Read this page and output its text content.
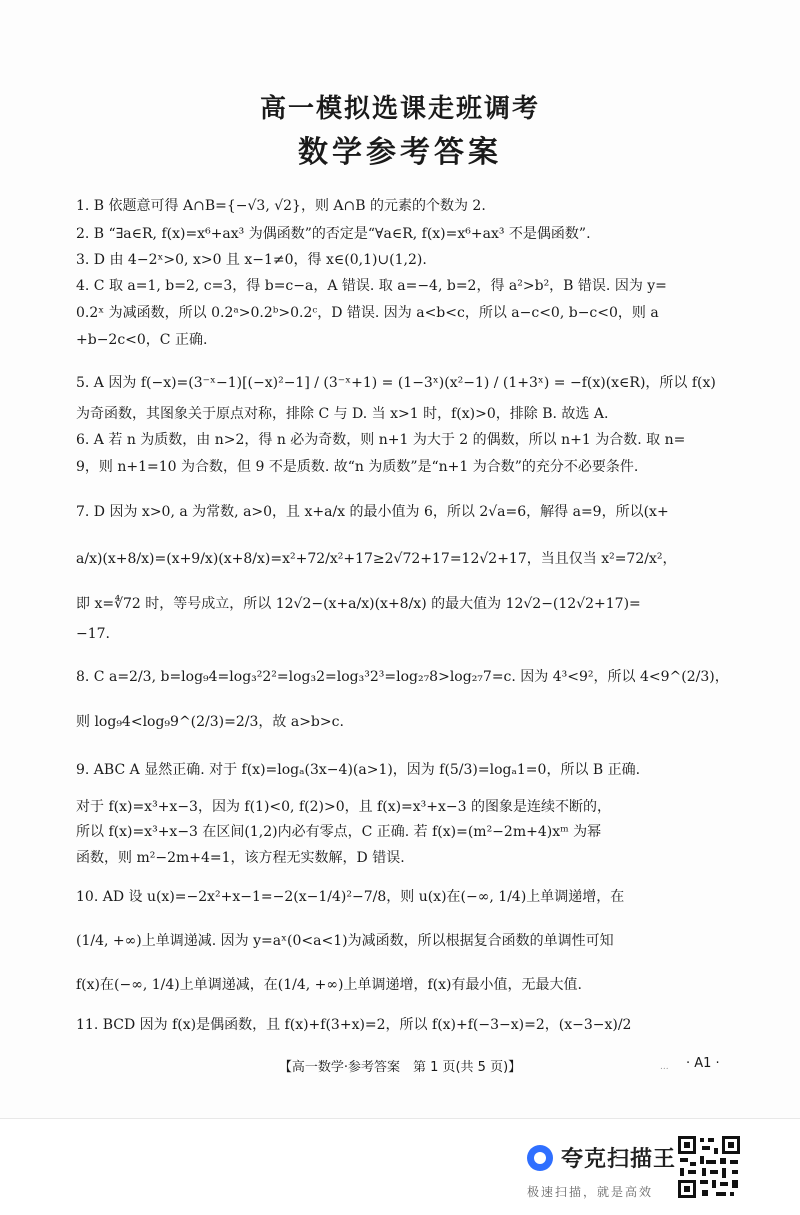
高一模拟选课走班调考
数学参考答案
1. B 依题意可得 A∩B={−√3, √2}，则 A∩B 的元素的个数为 2.
2. B “∃a∈R, f(x)=x⁶+ax³ 为偶函数”的否定是“∀a∈R, f(x)=x⁶+ax³ 不是偶函数”.
3. D 由 4−2ˣ>0, x>0 且 x−1≠0，得 x∈(0,1)∪(1,2).
4. C 取 a=1, b=2, c=3，得 b=c−a，A 错误. 取 a=−4, b=2，得 a²>b²，B 错误. 因为 y=
0.2ˣ 为减函数，所以 0.2ᵃ>0.2ᵇ>0.2ᶜ，D 错误. 因为 a<b<c，所以 a−c<0, b−c<0，则 a
+b−2c<0，C 正确.
5. A 因为 f(−x)=(3⁻ˣ−1)[(−x)²−1] / (3⁻ˣ+1) = (1−3ˣ)(x²−1) / (1+3ˣ) = −f(x)(x∈R)，所以 f(x)
为奇函数，其图象关于原点对称，排除 C 与 D. 当 x>1 时，f(x)>0，排除 B. 故选 A.
6. A 若 n 为质数，由 n>2，得 n 必为奇数，则 n+1 为大于 2 的偶数，所以 n+1 为合数. 取 n=
9，则 n+1=10 为合数，但 9 不是质数. 故“n 为质数”是“n+1 为合数”的充分不必要条件.
7. D 因为 x>0, a 为常数, a>0，且 x+a/x 的最小值为 6，所以 2√a=6，解得 a=9，所以(x+
a/x)(x+8/x)=(x+9/x)(x+8/x)=x²+72/x²+17≥2√72+17=12√2+17，当且仅当 x²=72/x²，
即 x=∜72 时，等号成立，所以 12√2−(x+a/x)(x+8/x) 的最大值为 12√2−(12√2+17)=
−17.
8. C a=2/3, b=log₉4=log₃²2²=log₃2=log₃³2³=log₂₇8>log₂₇7=c. 因为 4³<9²，所以 4<9^(2/3)，
则 log₉4<log₉9^(2/3)=2/3，故 a>b>c.
9. ABC A 显然正确. 对于 f(x)=logₐ(3x−4)(a>1)，因为 f(5/3)=logₐ1=0，所以 B 正确.
对于 f(x)=x³+x−3，因为 f(1)<0, f(2)>0，且 f(x)=x³+x−3 的图象是连续不断的，
所以 f(x)=x³+x−3 在区间(1,2)内必有零点，C 正确. 若 f(x)=(m²−2m+4)xᵐ 为幂
函数，则 m²−2m+4=1，该方程无实数解，D 错误.
10. AD 设 u(x)=−2x²+x−1=−2(x−1/4)²−7/8，则 u(x)在(−∞, 1/4)上单调递增，在
(1/4, +∞)上单调递减. 因为 y=aˣ(0<a<1)为减函数，所以根据复合函数的单调性可知
f(x)在(−∞, 1/4)上单调递减，在(1/4, +∞)上单调递增，f(x)有最小值，无最大值.
11. BCD 因为 f(x)是偶函数，且 f(x)+f(3+x)=2，所以 f(x)+f(−3−x)=2，(x−3−x)/2
【高一数学·参考答案　第 1 页(共 5 页)】	... · A1 ·
夸克扫描王
极速扫描，就是高效
